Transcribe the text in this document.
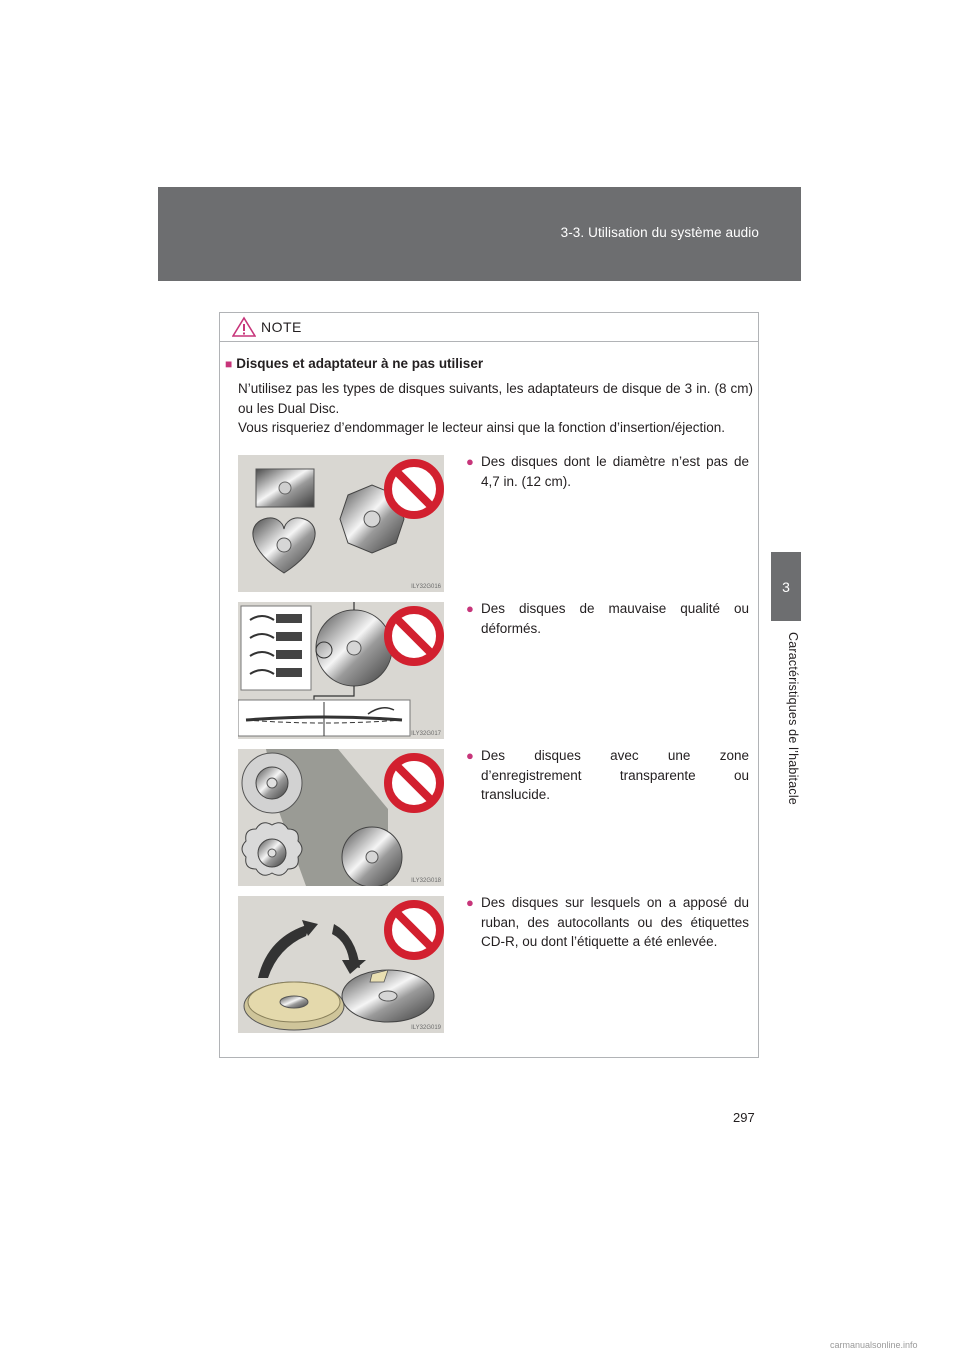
3-3. Utilisation du système audio
3
Caractéristiques de l’habitacle
NOTE
■ Disques et adaptateur à ne pas utiliser

N’utilisez pas les types de disques suivants, les adaptateurs de disque de 3 in. (8 cm) ou les Dual Disc.

Vous risqueriez d’endommager le lecteur ainsi que la fonction d’insertion/éjection.

ILY32G016
● Des disques dont le diamètre n’est pas de 4,7 in. (12 cm).
ILY32G017
● Des disques de mauvaise qualité ou déformés.
ILY32G018
● Des disques avec une zone d’enregistrement transparente ou translucide.
ILY32G019
● Des disques sur lesquels on a apposé du ruban, des autocollants ou des étiquettes CD-R, ou dont l’étiquette a été enlevée.
297
carmanualsonline.info
